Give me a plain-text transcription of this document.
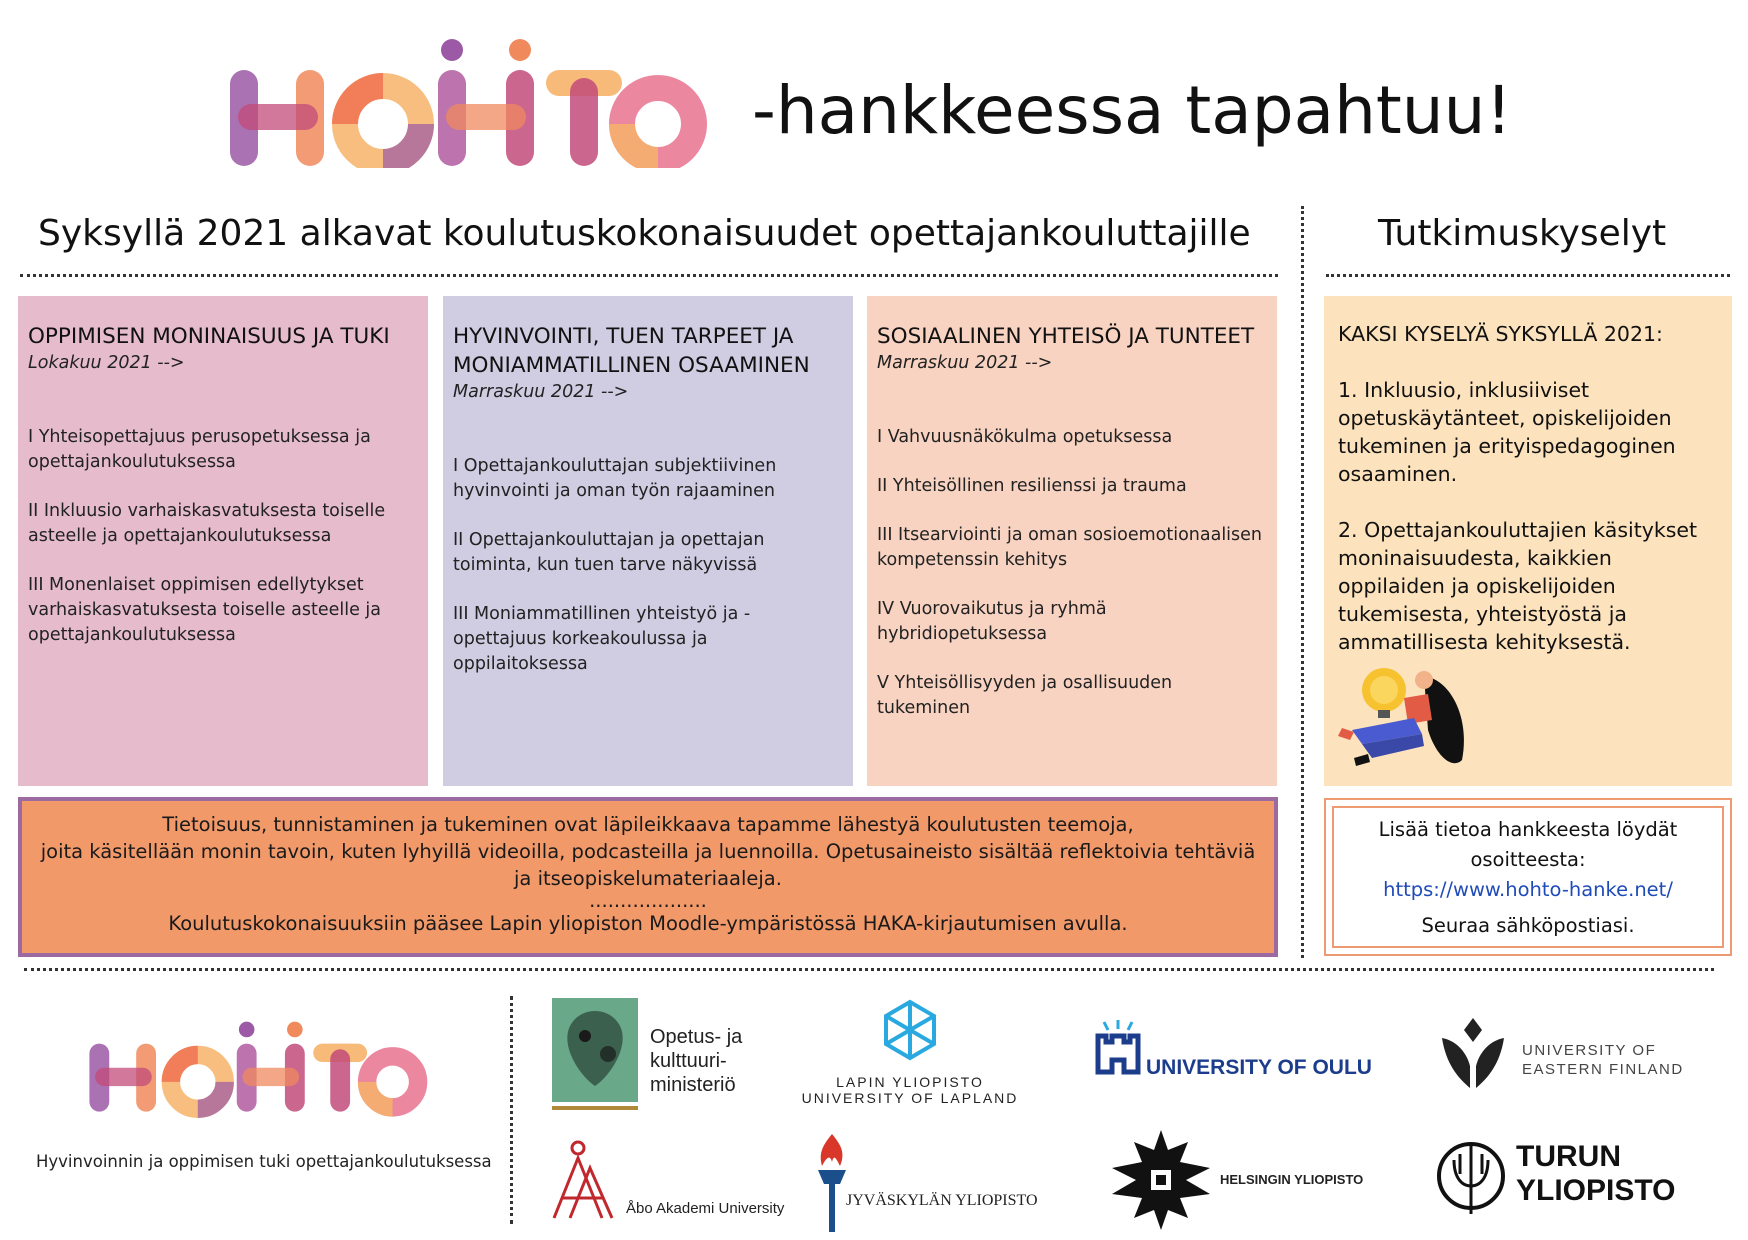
-hankkeessa tapahtuu!
Syksyllä 2021 alkavat koulutuskokonaisuudet opettajankouluttajille	Tutkimuskyselyt
OPPIMISEN MONINAISUUS JA TUKI
Lokakuu 2021 -->
I Yhteisopettajuus perusopetuksessa ja opettajankoulutuksessa
II Inkluusio varhaiskasvatuksesta toiselle asteelle ja opettajankoulutuksessa
III Monenlaiset oppimisen edellytykset varhaiskasvatuksesta toiselle asteelle ja opettajankoulutuksessa
HYVINVOINTI, TUEN TARPEET JA MONIAMMATILLINEN OSAAMINEN
Marraskuu 2021 -->
I Opettajankouluttajan subjektiivinen hyvinvointi ja oman työn rajaaminen
II Opettajankouluttajan ja opettajan toiminta, kun tuen tarve näkyvissä
III Moniammatillinen yhteistyö ja -opettajuus korkeakoulussa ja oppilaitoksessa
SOSIAALINEN YHTEISÖ JA TUNTEET
Marraskuu 2021 -->
I Vahvuusnäkökulma opetuksessa
II Yhteisöllinen resilienssi ja trauma
III Itsearviointi ja oman sosioemotionaalisen kompetenssin kehitys
IV Vuorovaikutus ja ryhmä hybridiopetuksessa
V Yhteisöllisyyden ja osallisuuden tukeminen
KAKSI KYSELYÄ SYKSYLLÄ 2021:
1. Inkluusio, inklusiiviset opetuskäytänteet, opiskelijoiden tukeminen ja erityispedagoginen osaaminen.
2. Opettajankouluttajien käsitykset moninaisuudesta, kaikkien oppilaiden ja opiskelijoiden tukemisesta, yhteistyöstä ja ammatillisesta kehityksestä.
Tietoisuus, tunnistaminen ja tukeminen ovat läpileikkaava tapamme lähestyä koulutusten teemoja,
joita käsitellään monin tavoin, kuten lyhyillä videoilla, podcasteilla ja luennoilla. Opetusaineisto sisältää reflektoivia tehtäviä
ja itseopiskelumateriaaleja.
...................
Koulutuskokonaisuuksiin pääsee Lapin yliopiston Moodle-ympäristössä HAKA-kirjautumisen avulla.
Lisää tietoa hankkeesta löydät
osoitteesta:
https://www.hohto-hanke.net/
Seuraa sähköpostiasi.
Hyvinvoinnin ja oppimisen tuki opettajankoulutuksessa
Opetus- ja
kulttuuri-
ministeriö	LAPIN YLIOPISTO
UNIVERSITY OF LAPLAND
UNIVERSITY OF OULU
UNIVERSITY OF
EASTERN FINLAND
Åbo Akademi University	JYVÄSKYLÄN YLIOPISTO
HELSINGIN YLIOPISTO
TURUN
YLIOPISTO
